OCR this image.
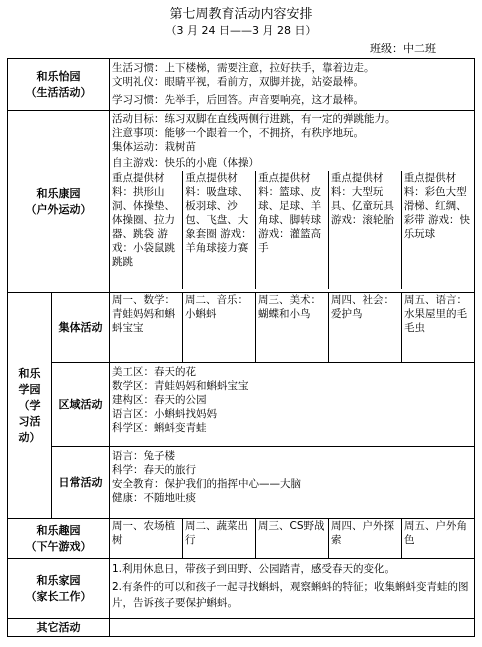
第七周教育活动内容安排
（3 月 24 日——3 月 28 日）
班级：中二班
和乐怡园
（生活活动）

生活习惯：上下楼梯，需要注意，拉好扶手，靠着边走。
文明礼仪：眼睛平视，看前方，双脚并拢，站姿最棒。
学习习惯：先举手，后回答。声音要响亮，这才最棒。

和乐康园
（户外运动）

活动目标：练习双脚在直线两侧行进跳，有一定的弹跳能力。
注意事项：能够一个跟着一个，不拥挤，有秩序地玩。
集体运动：栽树苗
自主游戏：快乐的小鹿（体操）
重点提供材料：拱形山洞、体操垫、体操圈、拉力器、跳袋 游戏：小袋鼠跳跳跳	重点提供材料：吸盘球、板羽球、沙包、飞盘、大象套圈 游戏：羊角球接力赛	重点提供材料：篮球、皮球、足球、羊角球、脚转球 游戏：灌篮高手	重点提供材料：大型玩具、亿童玩具 游戏：滚轮胎	重点提供材料：彩色大型滑梯、红绸、彩带 游戏：快乐玩球

和乐学园
（学习活动）
	集体活动	周一、数学：青蛙妈妈和蝌蚪宝宝	周二、音乐：小蝌蚪	周三、美术：蝴蝶和小鸟	周四、社会：爱护鸟	周五、语言：水果屋里的毛毛虫
区域活动	
美工区：春天的花
数学区：青蛙妈妈和蝌蚪宝宝
建构区：春天的公园
语言区：小蝌蚪找妈妈
科学区：蝌蚪变青蛙

日常活动	
语言：兔子楼
科学：春天的旅行
安全教育：保护我们的指挥中心——大脑
健康：不随地吐痰

和乐趣园
（下午游戏）
	周一、农场植树	周二、蔬菜出行	周三、CS野战	周四、户外探索	周五、户外角色

和乐家园
（家长工作）

1.利用休息日，带孩子到田野、公园踏青，感受春天的变化。
2.有条件的可以和孩子一起寻找蝌蚪，观察蝌蚪的特征；收集蝌蚪变青蛙的图片，告诉孩子要保护蝌蚪。

其它活动	
